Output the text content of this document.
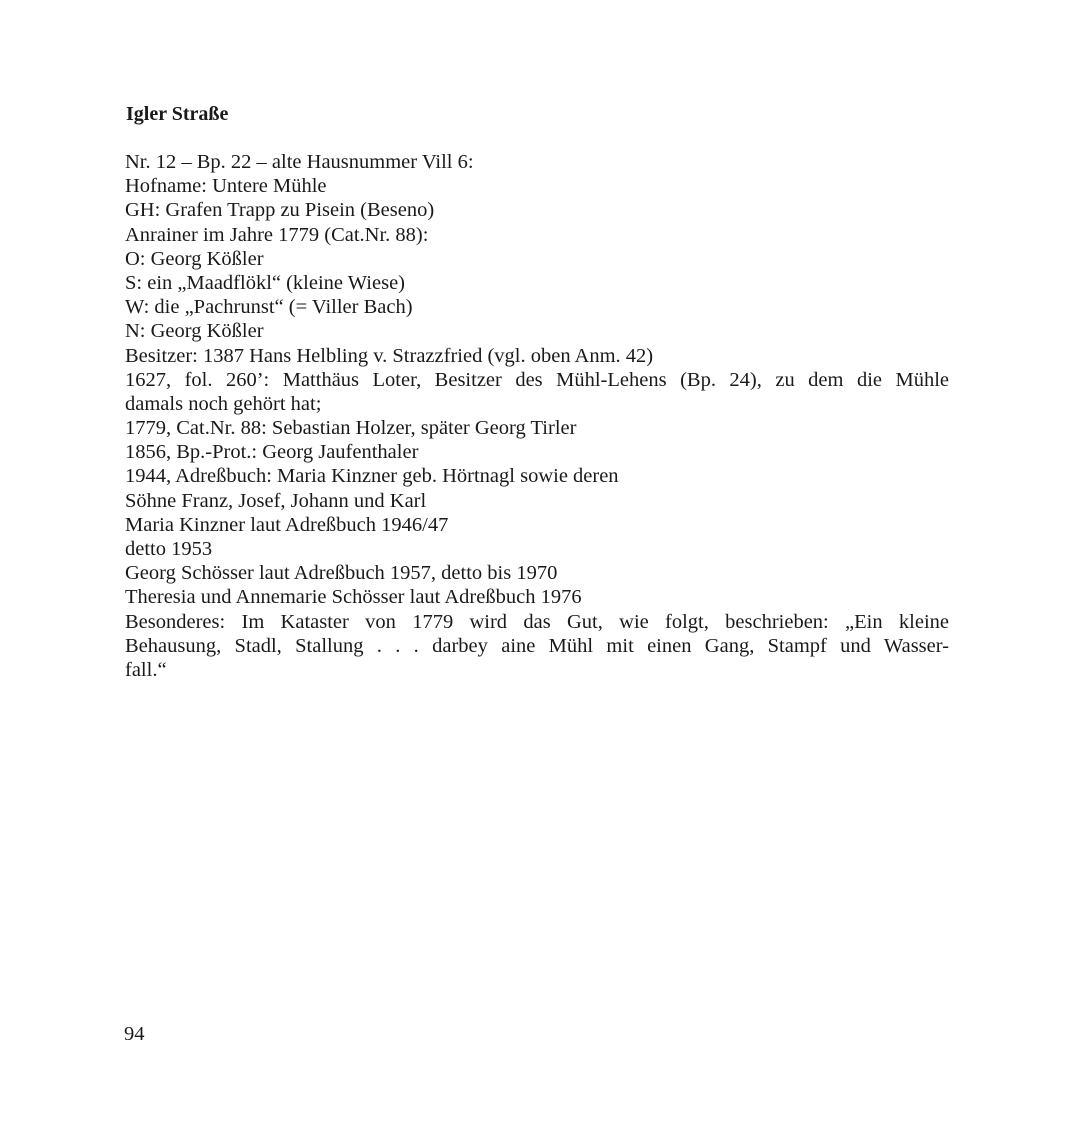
Igler Straße
Nr. 12 – Bp. 22 – alte Hausnummer Vill 6:
Hofname: Untere Mühle
GH: Grafen Trapp zu Pisein (Beseno)
Anrainer im Jahre 1779 (Cat.Nr. 88):
O: Georg Kößler
S: ein „Maadflökl“ (kleine Wiese)
W: die „Pachrunst“ (= Viller Bach)
N: Georg Kößler
Besitzer: 1387 Hans Helbling v. Strazzfried (vgl. oben Anm. 42)
1627, fol. 260’: Matthäus Loter, Besitzer des Mühl-Lehens (Bp. 24), zu dem die Mühle
damals noch gehört hat;
1779, Cat.Nr. 88: Sebastian Holzer, später Georg Tirler
1856, Bp.-Prot.: Georg Jaufenthaler
1944, Adreßbuch: Maria Kinzner geb. Hörtnagl sowie deren
Söhne Franz, Josef, Johann und Karl
Maria Kinzner laut Adreßbuch 1946/47
detto 1953
Georg Schösser laut Adreßbuch 1957, detto bis 1970
Theresia und Annemarie Schösser laut Adreßbuch 1976
Besonderes: Im Kataster von 1779 wird das Gut, wie folgt, beschrieben: „Ein kleine
Behausung, Stadl, Stallung . . . darbey aine Mühl mit einen Gang, Stampf und Wasser-
fall.“
94
